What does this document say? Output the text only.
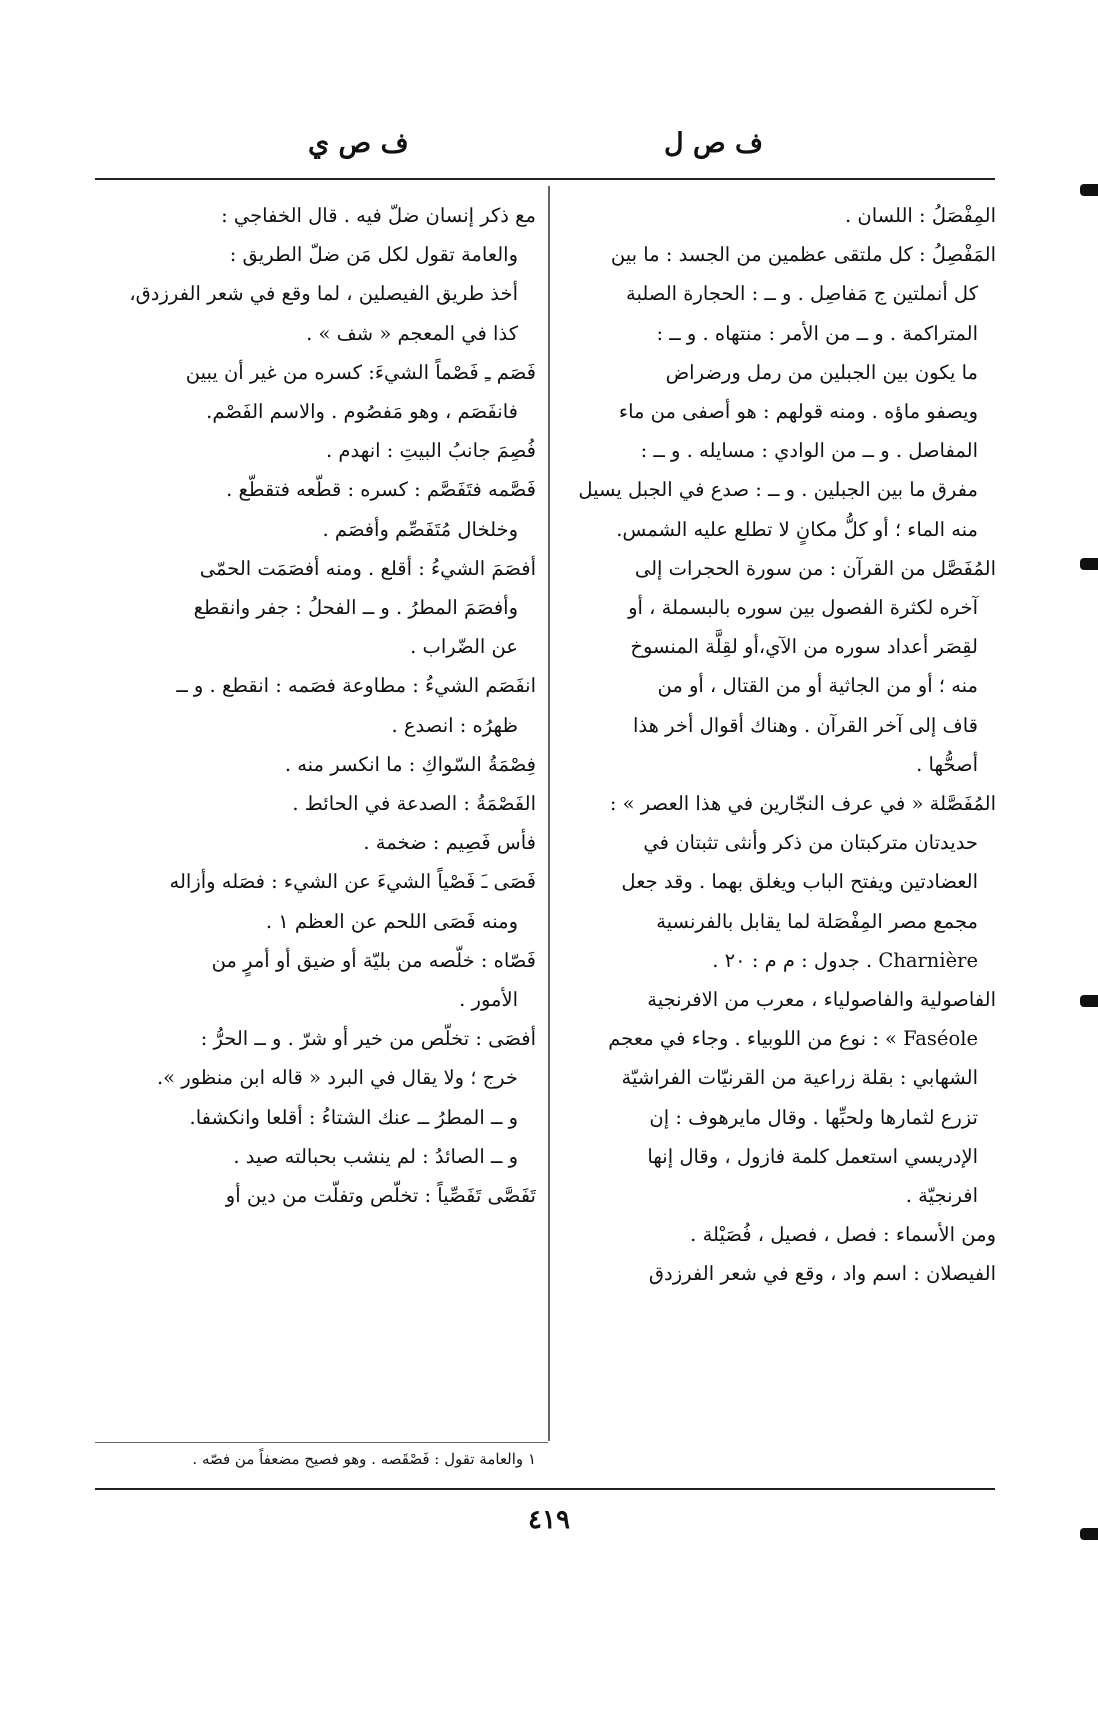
ف ص ل
ف ص ي
المِفْصَلُ : اللسان .
المَفْصِلُ : كل ملتقى عظمين من الجسد : ما بين
كل أنملتين ج مَفاصِل . و ــ : الحجارة الصلبة
المتراكمة . و ــ من الأمر : منتهاه . و ــ :
ما يكون بين الجبلين من رمل ورضراض
ويصفو ماؤه . ومنه قولهم : هو أصفى من ماء
المفاصل . و ــ من الوادي : مسايله . و ــ :
مفرق ما بين الجبلين . و ــ : صدع في الجبل يسيل
منه الماء ؛ أو كلُّ مكانٍ لا تطلع عليه الشمس.
المُفَصَّل من القرآن : من سورة الحجرات إلى
آخره لكثرة الفصول بين سوره بالبسملة ، أو
لقِصَر أعداد سوره من الآي،أو لقِلَّة المنسوخ
منه ؛ أو من الجاثية أو من القتال ، أو من
قاف إلى آخر القرآن . وهناك أقوال أخر هذا
أصحُّها .
المُفَصَّلة « في عرف النجّارين في هذا العصر » :
حديدتان متركبتان من ذكر وأنثى تثبتان في
العضادتين ويفتح الباب ويغلق بهما . وقد جعل
مجمع مصر المِفْصَلة لما يقابل بالفرنسية
Charnière . جدول : م م : ٢٠ .
الفاصولية والفاصولياء ، معرب من الافرنجية
Faséole » : نوع من اللوبياء . وجاء في معجم
الشهابي : بقلة زراعية من القرنيّات الفراشيّة
تزرع لثمارها ولحبِّها . وقال مايرهوف : إن
الإدريسي استعمل كلمة فازول ، وقال إنها
افرنجيّة .
ومن الأسماء : فصل ، فصيل ، فُصَيْلة .
الفيصلان : اسم واد ، وقع في شعر الفرزدق
مع ذكر إنسان ضلّ فيه . قال الخفاجي :
والعامة تقول لكل مَن ضلّ الطريق :
أخذ طريق الفيصلين ، لما وقع في شعر الفرزدق،
كذا في المعجم « شف » .
فَصَم ـِ فَصْماً الشيءَ: كسره من غير أن يبين
فانفَصَم ، وهو مَفصُوم . والاسم الفَصْم.
فُصِمَ جانبُ البيتِ : انهدم .
فَصَّمه فتَفَصَّم : كسره : قطّعه فتقطّع .
وخلخال مُتَفَصِّم وأفصَم .
أفصَمَ الشيءُ : أقلع . ومنه أفصَمَت الحمّى
وأفصَمَ المطرُ . و ــ الفحلُ : جفر وانقطع
عن الضّراب .
انفَصَم الشيءُ : مطاوعة فصَمه : انقطع . و ــ
ظهرُه : انصدع .
فِصْمَةُ السّواكِ : ما انكسر منه .
الفَصْمَةُ : الصدعة في الحائط .
فأس فَصِيم : ضخمة .
فَصَى ـَ فَصْياً الشيءَ عن الشيء : فصَله وأزاله
ومنه فَصَى اللحم عن العظم ١ .
فَصّاه : خلّصه من بليّة أو ضيق أو أمرٍ من
الأمور .
أفصَى : تخلّص من خير أو شرّ . و ــ الحرُّ :
خرج ؛ ولا يقال في البرد « قاله ابن منظور ».
و ــ المطرُ ــ عنك الشتاءُ : أقلعا وانكشفا.
و ــ الصائدُ : لم ينشب بحبالته صيد .
تَفَصَّى تَفَصِّياً : تخلّص وتفلّت من دين أو
١ والعامة تقول : فَصْقَصه . وهو فصيح مضعفاً من فصّه .
٤١٩
